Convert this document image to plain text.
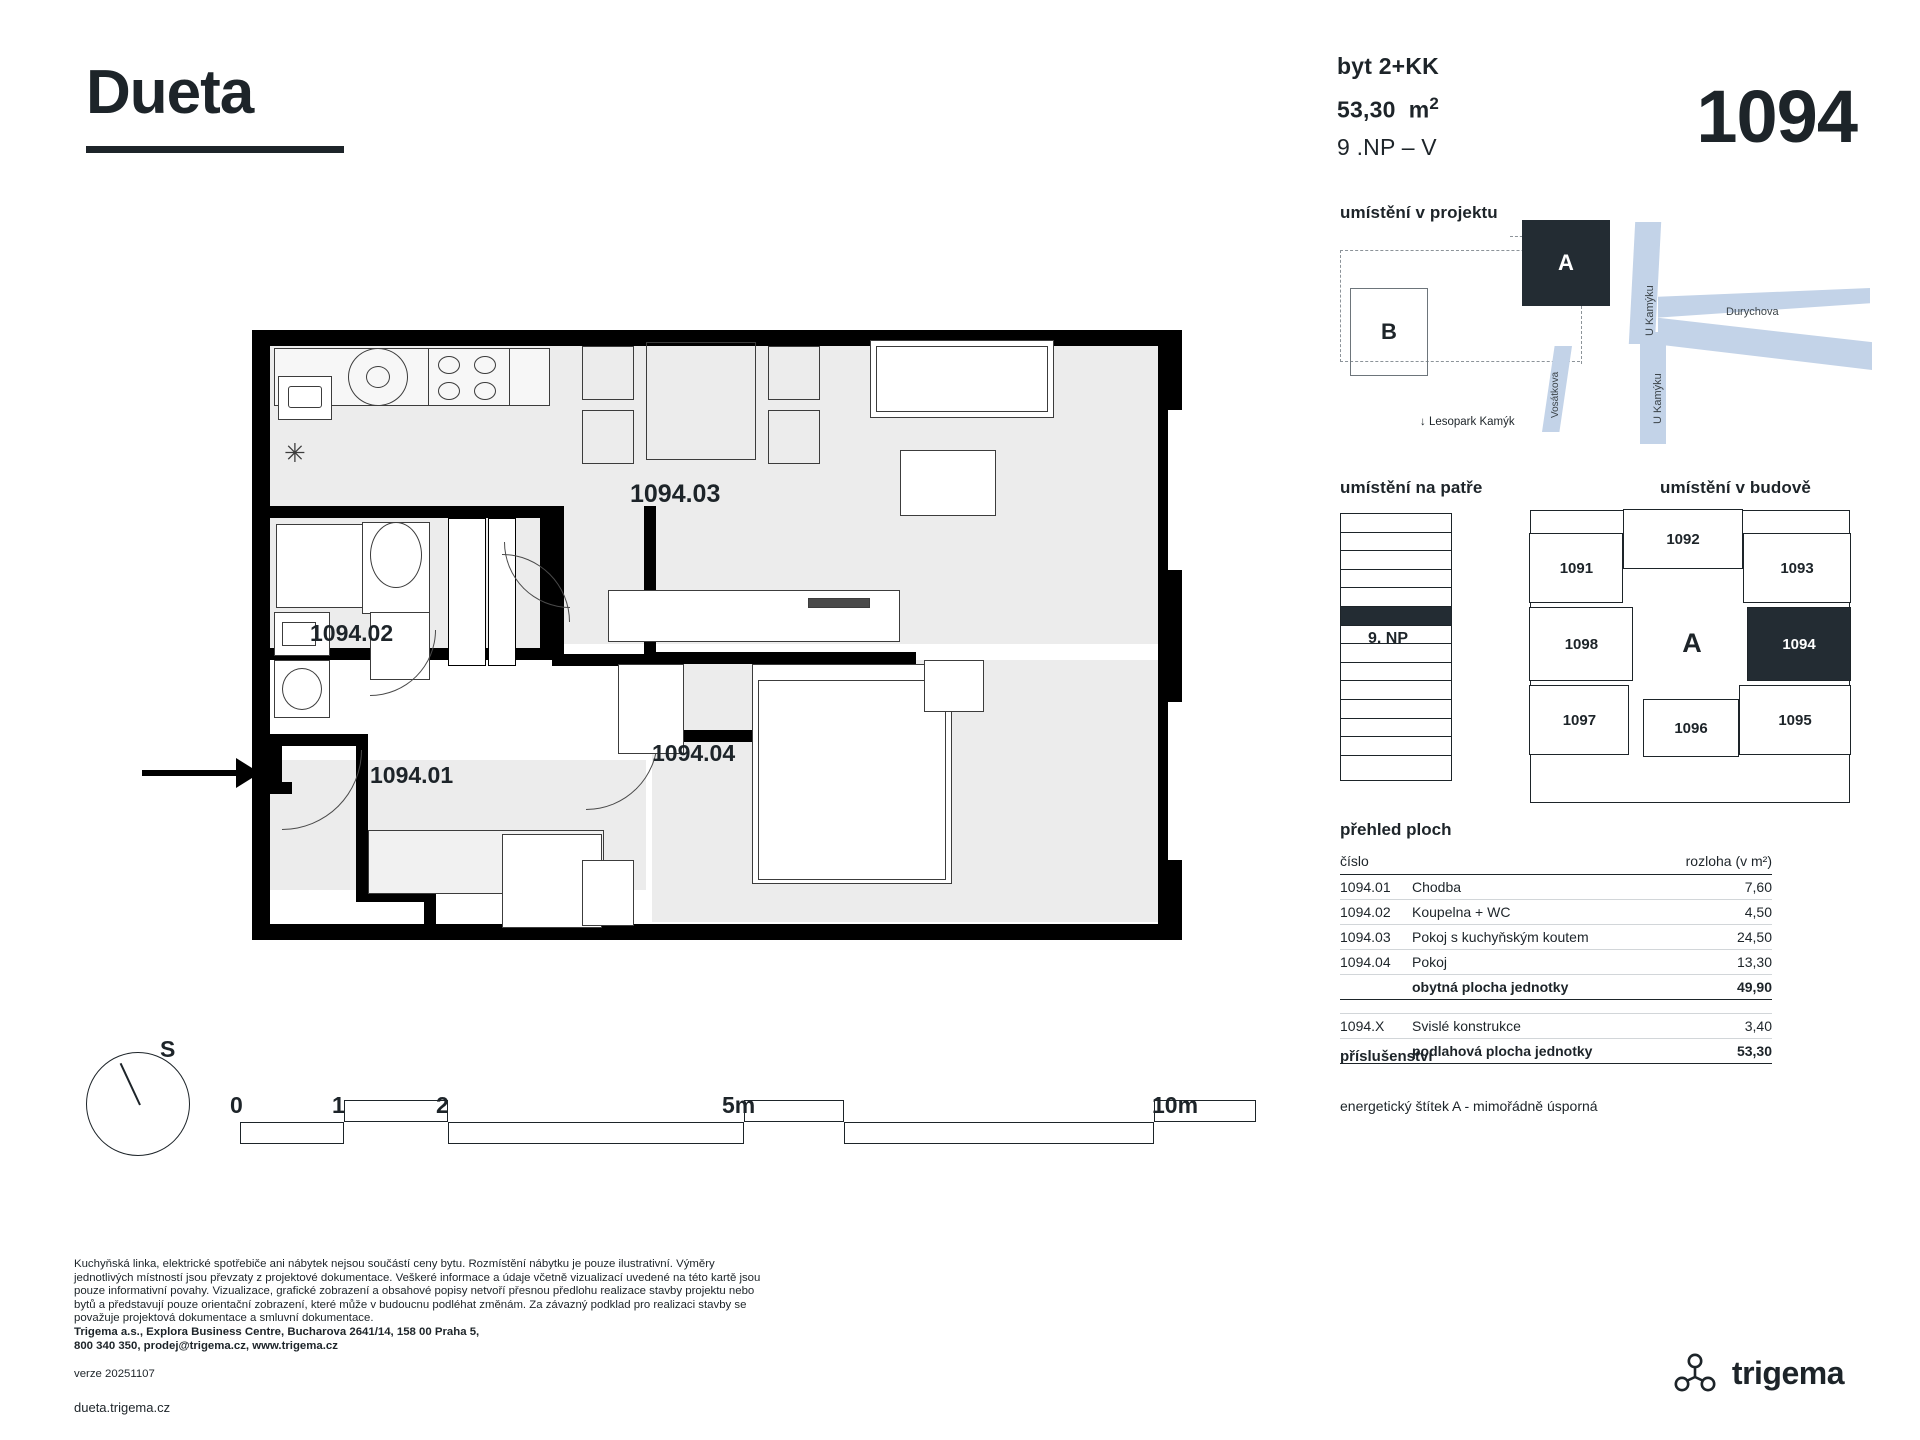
Dueta	byt 2+KK
53,30 $m^2$
9 .NP – V	1094
umístění v projektu
A
B	U Kamýku	Durychova
U Kamýku
Vosátkova
↓ Lesopark Kamýk
umístění na patře
9. NP
umístění v budově
1091
1092
1093
A
1098	1094
1097	1096	1095
přehled ploch
číslo		rozloha (v m²)
1094.01	Chodba	7,60
1094.02	Koupelna + WC	4,50
1094.03	Pokoj s kuchyňským koutem	24,50
1094.04	Pokoj	13,30
	obytná plocha jednotky	49,90

1094.X	Svislé konstrukce	3,40
	podlahová plocha jednotky	53,30
příslušenství
energetický štítek A - mimořádně úsporná
✳
1094.03
1094.02
1094.01
1094.04
S
0	1	2	5m	10m
Kuchyňská linka, elektrické spotřebiče ani nábytek nejsou součástí ceny bytu. Rozmístění nábytku je pouze ilustrativní. Výměry
jednotlivých místností jsou převzaty z projektové dokumentace. Veškeré informace a údaje včetně vizualizací uvedené na této kartě jsou
pouze informativní povahy. Vizualizace, grafické zobrazení a obsahové popisy netvoří přesnou předlohu realizace stavby projektu nebo
bytů a představují pouze orientační zobrazení, které může v budoucnu podléhat změnám. Za závazný podklad pro realizaci stavby se
považuje projektová dokumentace a smluvní dokumentace.
Trigema a.s., Explora Business Centre, Bucharova 2641/14, 158 00 Praha 5,
800 340 350, prodej@trigema.cz, www.trigema.cz
verze 20251107
dueta.trigema.cz
trigema
